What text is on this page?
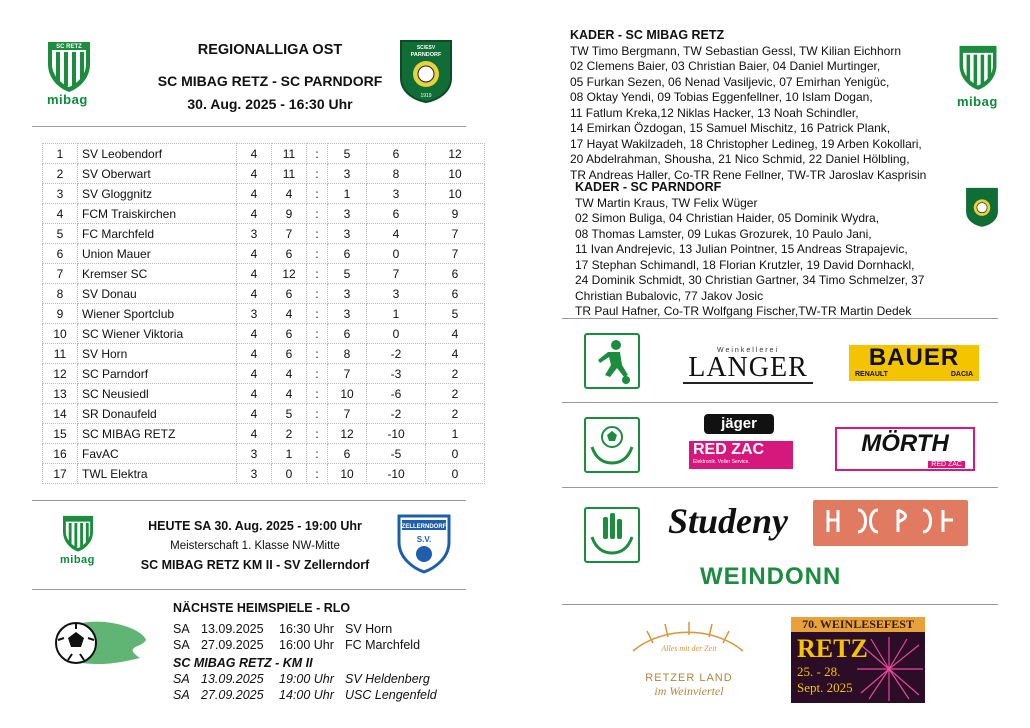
SC RETZ
mibag
REGIONALLIGA OST
SC MIBAG RETZ - SC PARNDORF
30. Aug. 2025 - 16:30 Uhr
SC/ESV
PARNDORF
1919
1	SV Leobendorf	4	11	:	5	6	12
2	SV Oberwart	4	11	:	3	8	10
3	SV Gloggnitz	4	4	:	1	3	10
4	FCM Traiskirchen	4	9	:	3	6	9
5	FC Marchfeld	3	7	:	3	4	7
6	Union Mauer	4	6	:	6	0	7
7	Kremser SC	4	12	:	5	7	6
8	SV Donau	4	6	:	3	3	6
9	Wiener Sportclub	3	4	:	3	1	5
10	SC Wiener Viktoria	4	6	:	6	0	4
11	SV Horn	4	6	:	8	-2	4
12	SC Parndorf	4	4	:	7	-3	2
13	SC Neusiedl	4	4	:	10	-6	2
14	SR Donaufeld	4	5	:	7	-2	2
15	SC MIBAG RETZ	4	2	:	12	-10	1
16	FavAC	3	1	:	6	-5	0
17	TWL Elektra	3	0	:	10	-10	0
mibag
HEUTE SA 30. Aug. 2025 - 19:00 Uhr
Meisterschaft 1. Klasse NW-Mitte
SC MIBAG RETZ KM II - SV Zellerndorf
ZELLERNDORF
S.V.
NÄCHSTE HEIMSPIELE - RLO
SA 13.09.2025 16:30 Uhr SV Horn
SA 27.09.2025 16:00 Uhr FC Marchfeld
SC MIBAG RETZ - KM II
SA 13.09.2025 19:00 Uhr SV Heldenberg
SA 27.09.2025 14:00 Uhr USC Lengenfeld
KADER - SC MIBAG RETZ
TW Timo Bergmann, TW Sebastian Gessl, TW Kilian Eichhorn
02 Clemens Baier, 03 Christian Baier, 04 Daniel Murtinger,
05 Furkan Sezen, 06 Nenad Vasiljevic, 07 Emirhan Yenigüc,
08 Oktay Yendi, 09 Tobias Eggenfellner, 10 Islam Dogan,
11 Fatlum Kreka,12 Niklas Hacker, 13 Noah Schindler,
14 Emirkan Özdogan, 15 Samuel Mischitz, 16 Patrick Plank,
17 Hayat Wakilzadeh, 18 Christopher Ledineg, 19 Arben Kokollari,
20 Abdelrahman, Shousha, 21 Nico Schmid, 22 Daniel Hölbling,
TR Andreas Haller, Co-TR Rene Fellner, TW-TR Jaroslav Kasprisin
mibag
KADER - SC PARNDORF
TW Martin Kraus, TW Felix Wüger
02 Simon Buliga, 04 Christian Haider, 05 Dominik Wydra,
08 Thomas Lamster, 09 Lukas Grozurek, 10 Paulo Jani,
11 Ivan Andrejevic, 13 Julian Pointner, 15 Andreas Strapajevic,
17 Stephan Schimandl, 18 Florian Krutzler, 19 David Dornhackl,
24 Dominik Schmidt, 30 Christian Gartner, 34 Timo Schmelzer, 37
Christian Bubalovic, 77 Jakov Josic
TR Paul Hafner, Co-TR Wolfgang Fischer,TW-TR Martin Dedek
Weinkellerei
LANGER	BAUER
RENAULT	DACIA
jäger
RED ZAC
Elektronik. Voller Service.
MÖRTH
RED ZAC
Studeny
WEINDONN
Alles mit der Zeit
RETZER LAND
im Weinviertel
70. WEINLESEFEST
RETZ
25. - 28.
Sept. 2025
